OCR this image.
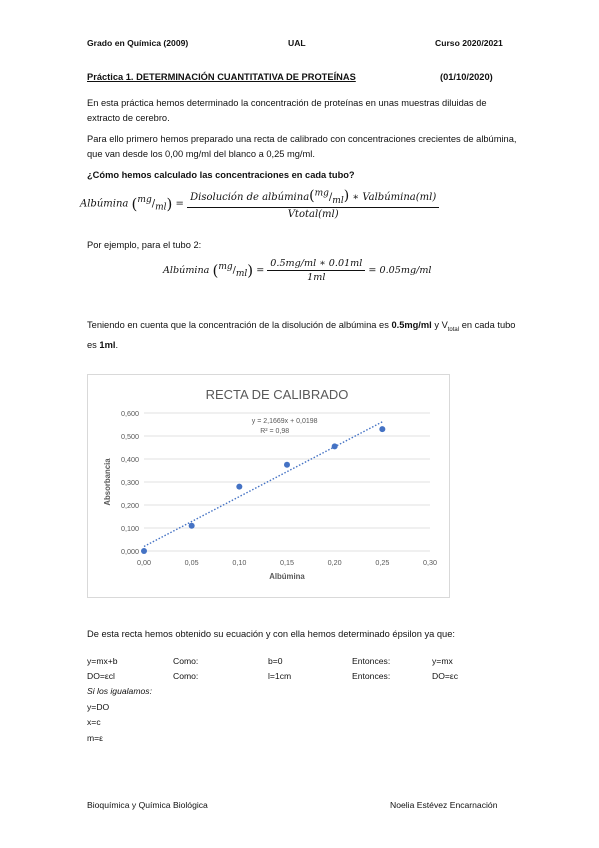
Grado en Química (2009)	UAL	Curso 2020/2021
Práctica 1. DETERMINACIÓN CUANTITATIVA DE PROTEÍNAS	(01/10/2020)
En esta práctica hemos determinado la concentración de proteínas en unas muestras diluidas de extracto de cerebro.
Para ello primero hemos preparado una recta de calibrado con concentraciones crecientes de albúmina, que van desde los 0,00 mg/ml del blanco a 0,25 mg/ml.
¿Cómo hemos calculado las concentraciones en cada tubo?
Albúmina $(^{mg}/_{ml}) = \frac{Disolución de albú\min a(^{mg}/_{ml}) ∗ Valbú\min a(ml)}{\text{Vtotal(ml)}}$
Por ejemplo, para el tubo 2:
Albúmina $(^{mg}/_{ml}) = \frac{0.5mg/ml ∗ 0.01ml}{1ml} = 0.05mg/ml$
Teniendo en cuenta que la concentración de la disolución de albúmina es 0.5mg/ml y $V_{total}$ en cada tubo es 1ml.
RECTA DE CALIBRADO
0,000
0,100
0,200
0,300
0,400
0,500
0,600
0,00	0,05	0,10	0,15	0,20	0,25	0,30
Albúmina
Absorbancia
y = 2,1669x + 0,0198
R² = 0,98
De esta recta hemos obtenido su ecuación y con ella hemos determinado épsilon ya que:
y=mx+b	Como:	b=0	Entonces:	y=mx
DO=εcl	Como:	l=1cm	Entonces:	DO=εc
Si los igualamos:				
y=DO				
x=c				
m=ε				
Bioquímica y Química Biológica	Noelia Estévez Encarnación
